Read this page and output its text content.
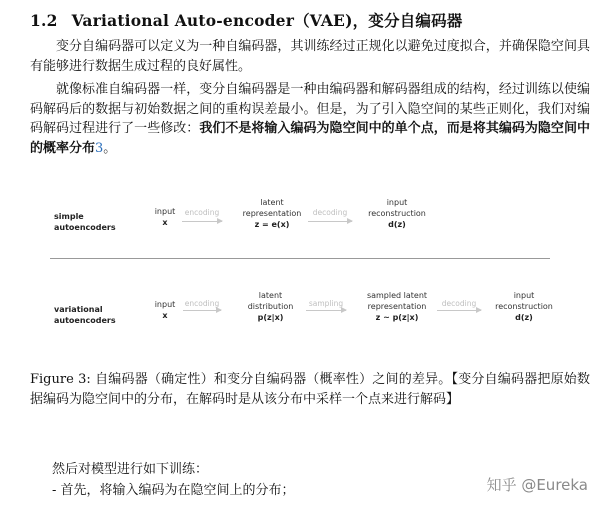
1.2 Variational Auto-encoder（VAE)，变分自编码器
变分自编码器可以定义为一种自编码器，其训练经过正规化以避免过度拟合，并确保隐空间具有能够进行数据生成过程的良好属性。
就像标准自编码器一样，变分自编码器是一种由编码器和解码器组成的结构，经过训练以使编码解码后的数据与初始数据之间的重构误差最小。但是，为了引入隐空间的某些正则化，我们对编码解码过程进行了一些修改：我们不是将输入编码为隐空间中的单个点，而是将其编码为隐空间中的概率分布3。
simple
autoencoders
input
x
encoding
latent representation
z = e(x)
decoding
input reconstruction
d(z)
variational
autoencoders
input
x
encoding
latent distribution
p(z|x)
sampling
sampled latent representation
z ~ p(z|x)
decoding
input reconstruction
d(z)
Figure 3: 自编码器（确定性）和变分自编码器（概率性）之间的差异。【变分自编码器把原始数据编码为隐空间中的分布，在解码时是从该分布中采样一个点来进行解码】
然后对模型进行如下训练：
- 首先，将输入编码为在隐空间上的分布；	知乎 @Eureka
